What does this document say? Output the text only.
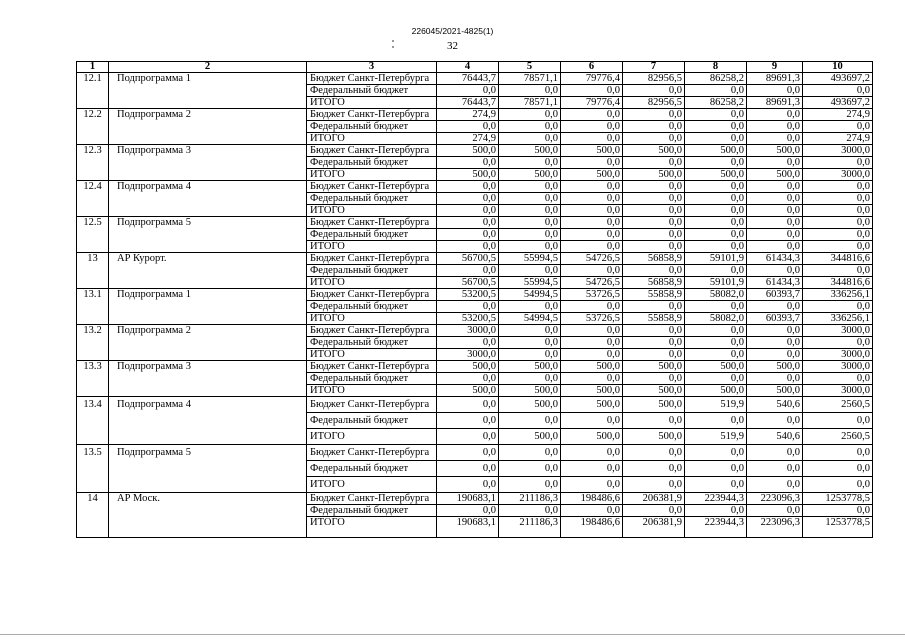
226045/2021-4825(1)
32
1	2	3	4	5	6	7	8	9	10
12.1	Подпрограмма 1	Бюджет Санкт-Петербурга	76443,7	78571,1	79776,4	82956,5	86258,2	89691,3	493697,2
		Федеральный бюджет	0,0	0,0	0,0	0,0	0,0	0,0	0,0
		ИТОГО	76443,7	78571,1	79776,4	82956,5	86258,2	89691,3	493697,2
12.2	Подпрограмма 2	Бюджет Санкт-Петербурга	274,9	0,0	0,0	0,0	0,0	0,0	274,9
		Федеральный бюджет	0,0	0,0	0,0	0,0	0,0	0,0	0,0
		ИТОГО	274,9	0,0	0,0	0,0	0,0	0,0	274,9
12.3	Подпрограмма 3	Бюджет Санкт-Петербурга	500,0	500,0	500,0	500,0	500,0	500,0	3000,0
		Федеральный бюджет	0,0	0,0	0,0	0,0	0,0	0,0	0,0
		ИТОГО	500,0	500,0	500,0	500,0	500,0	500,0	3000,0
12.4	Подпрограмма 4	Бюджет Санкт-Петербурга	0,0	0,0	0,0	0,0	0,0	0,0	0,0
		Федеральный бюджет	0,0	0,0	0,0	0,0	0,0	0,0	0,0
		ИТОГО	0,0	0,0	0,0	0,0	0,0	0,0	0,0
12.5	Подпрограмма 5	Бюджет Санкт-Петербурга	0,0	0,0	0,0	0,0	0,0	0,0	0,0
		Федеральный бюджет	0,0	0,0	0,0	0,0	0,0	0,0	0,0
		ИТОГО	0,0	0,0	0,0	0,0	0,0	0,0	0,0
13	АР Курорт.	Бюджет Санкт-Петербурга	56700,5	55994,5	54726,5	56858,9	59101,9	61434,3	344816,6
		Федеральный бюджет	0,0	0,0	0,0	0,0	0,0	0,0	0,0
		ИТОГО	56700,5	55994,5	54726,5	56858,9	59101,9	61434,3	344816,6
13.1	Подпрограмма 1	Бюджет Санкт-Петербурга	53200,5	54994,5	53726,5	55858,9	58082,0	60393,7	336256,1
		Федеральный бюджет	0,0	0,0	0,0	0,0	0,0	0,0	0,0
		ИТОГО	53200,5	54994,5	53726,5	55858,9	58082,0	60393,7	336256,1
13.2	Подпрограмма 2	Бюджет Санкт-Петербурга	3000,0	0,0	0,0	0,0	0,0	0,0	3000,0
		Федеральный бюджет	0,0	0,0	0,0	0,0	0,0	0,0	0,0
		ИТОГО	3000,0	0,0	0,0	0,0	0,0	0,0	3000,0
13.3	Подпрограмма 3	Бюджет Санкт-Петербурга	500,0	500,0	500,0	500,0	500,0	500,0	3000,0
		Федеральный бюджет	0,0	0,0	0,0	0,0	0,0	0,0	0,0
		ИТОГО	500,0	500,0	500,0	500,0	500,0	500,0	3000,0
13.4	Подпрограмма 4	Бюджет Санкт-Петербурга	0,0	500,0	500,0	500,0	519,9	540,6	2560,5
		Федеральный бюджет	0,0	0,0	0,0	0,0	0,0	0,0	0,0
		ИТОГО	0,0	500,0	500,0	500,0	519,9	540,6	2560,5
13.5	Подпрограмма 5	Бюджет Санкт-Петербурга	0,0	0,0	0,0	0,0	0,0	0,0	0,0
		Федеральный бюджет	0,0	0,0	0,0	0,0	0,0	0,0	0,0
		ИТОГО	0,0	0,0	0,0	0,0	0,0	0,0	0,0
14	АР Моск.	Бюджет Санкт-Петербурга	190683,1	211186,3	198486,6	206381,9	223944,3	223096,3	1253778,5
		Федеральный бюджет	0,0	0,0	0,0	0,0	0,0	0,0	0,0
		ИТОГО	190683,1	211186,3	198486,6	206381,9	223944,3	223096,3	1253778,5
